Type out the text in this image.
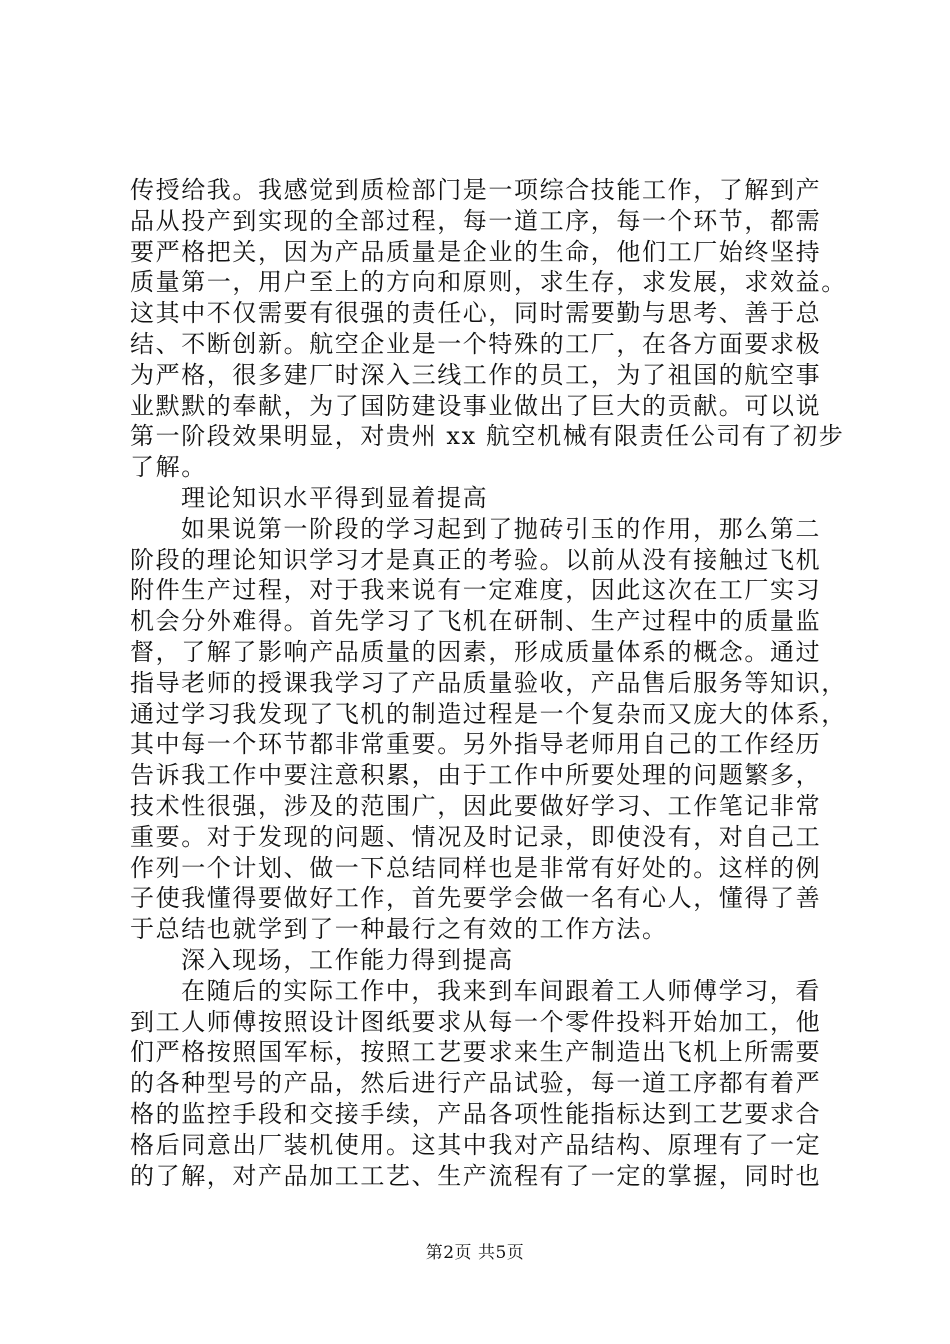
传授给我。我感觉到质检部门是一项综合技能工作，了解到产
品从投产到实现的全部过程，每一道工序，每一个环节，都需
要严格把关，因为产品质量是企业的生命，他们工厂始终坚持
质量第一，用户至上的方向和原则，求生存，求发展，求效益。
这其中不仅需要有很强的责任心，同时需要勤与思考、善于总
结、不断创新。航空企业是一个特殊的工厂，在各方面要求极
为严格，很多建厂时深入三线工作的员工，为了祖国的航空事
业默默的奉献，为了国防建设事业做出了巨大的贡献。可以说
第一阶段效果明显，对贵州 xx 航空机械有限责任公司有了初步
了解。
理论知识水平得到显着提高
如果说第一阶段的学习起到了抛砖引玉的作用，那么第二
阶段的理论知识学习才是真正的考验。以前从没有接触过飞机
附件生产过程，对于我来说有一定难度，因此这次在工厂实习
机会分外难得。首先学习了飞机在研制、生产过程中的质量监
督，了解了影响产品质量的因素，形成质量体系的概念。通过
指导老师的授课我学习了产品质量验收，产品售后服务等知识，
通过学习我发现了飞机的制造过程是一个复杂而又庞大的体系，
其中每一个环节都非常重要。另外指导老师用自己的工作经历
告诉我工作中要注意积累，由于工作中所要处理的问题繁多，
技术性很强，涉及的范围广，因此要做好学习、工作笔记非常
重要。对于发现的问题、情况及时记录，即使没有，对自己工
作列一个计划、做一下总结同样也是非常有好处的。这样的例
子使我懂得要做好工作，首先要学会做一名有心人，懂得了善
于总结也就学到了一种最行之有效的工作方法。
深入现场，工作能力得到提高
在随后的实际工作中，我来到车间跟着工人师傅学习，看
到工人师傅按照设计图纸要求从每一个零件投料开始加工，他
们严格按照国军标，按照工艺要求来生产制造出飞机上所需要
的各种型号的产品，然后进行产品试验，每一道工序都有着严
格的监控手段和交接手续，产品各项性能指标达到工艺要求合
格后同意出厂装机使用。这其中我对产品结构、原理有了一定
的了解，对产品加工工艺、生产流程有了一定的掌握，同时也
第2页 共5页
